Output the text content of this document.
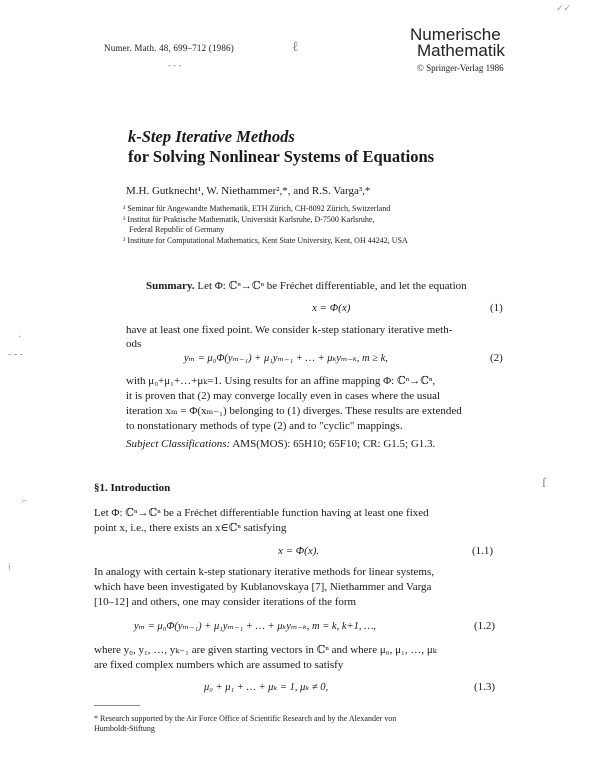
Numer. Math. 48, 699–712 (1986)	ℓ
- - -
Numerische
Mathematik
© Springer-Verlag 1986
✓✓
k-Step Iterative Methods
for Solving Nonlinear Systems of Equations
M.H. Gutknecht¹, W. Niethammer²,*, and R.S. Varga³,*
¹ Seminar für Angewandte Mathematik, ETH Zürich, CH-8092 Zürich, Switzerland
² Institut für Praktische Mathematik, Universität Karlsruhe, D-7500 Karlsruhe,
Federal Republic of Germany
³ Institute for Computational Mathematics, Kent State University, Kent, OH 44242, USA
Summary. Let Φ: ℂⁿ→ℂⁿ be Fréchet differentiable, and let the equation
x = Φ(x)	(1)
have at least one fixed point. We consider k-step stationary iterative meth-
ods
yₘ = μ₀Φ(yₘ₋₁) + μ₁yₘ₋₁ + … + μₖyₘ₋ₖ, m ≥ k,	(2)
with μ₀+μ₁+…+μₖ=1. Using results for an affine mapping Φ: ℂⁿ→ℂⁿ,
it is proven that (2) may converge locally even in cases where the usual
iteration xₘ = Φ(xₘ₋₁) belonging to (1) diverges. These results are extended
to nonstationary methods of type (2) and to "cyclic" mappings.
Subject Classifications: AMS(MOS): 65H10; 65F10; CR: G1.5; G1.3.
·
- - -
⌐
ſ
⟊
§1. Introduction
Let Φ: ℂⁿ→ℂⁿ be a Fréchet differentiable function having at least one fixed
point x, i.e., there exists an x∈ℂⁿ satisfying
x = Φ(x).	(1.1)
In analogy with certain k-step stationary iterative methods for linear systems,
which have been investigated by Kublanovskaya [7], Niethammer and Varga
[10–12] and others, one may consider iterations of the form
yₘ = μ₀Φ(yₘ₋₁) + μ₁yₘ₋₁ + … + μₖyₘ₋ₖ, m = k, k+1, …,	(1.2)
where y₀, y₁, …, yₖ₋₁ are given starting vectors in ℂⁿ and where μ₀, μ₁, …, μₖ
are fixed complex numbers which are assumed to satisfy
μ₀ + μ₁ + … + μₖ = 1, μₖ ≠ 0,	(1.3)
* Research supported by the Air Force Office of Scientific Research and by the Alexander von
Humboldt-Stiftung
